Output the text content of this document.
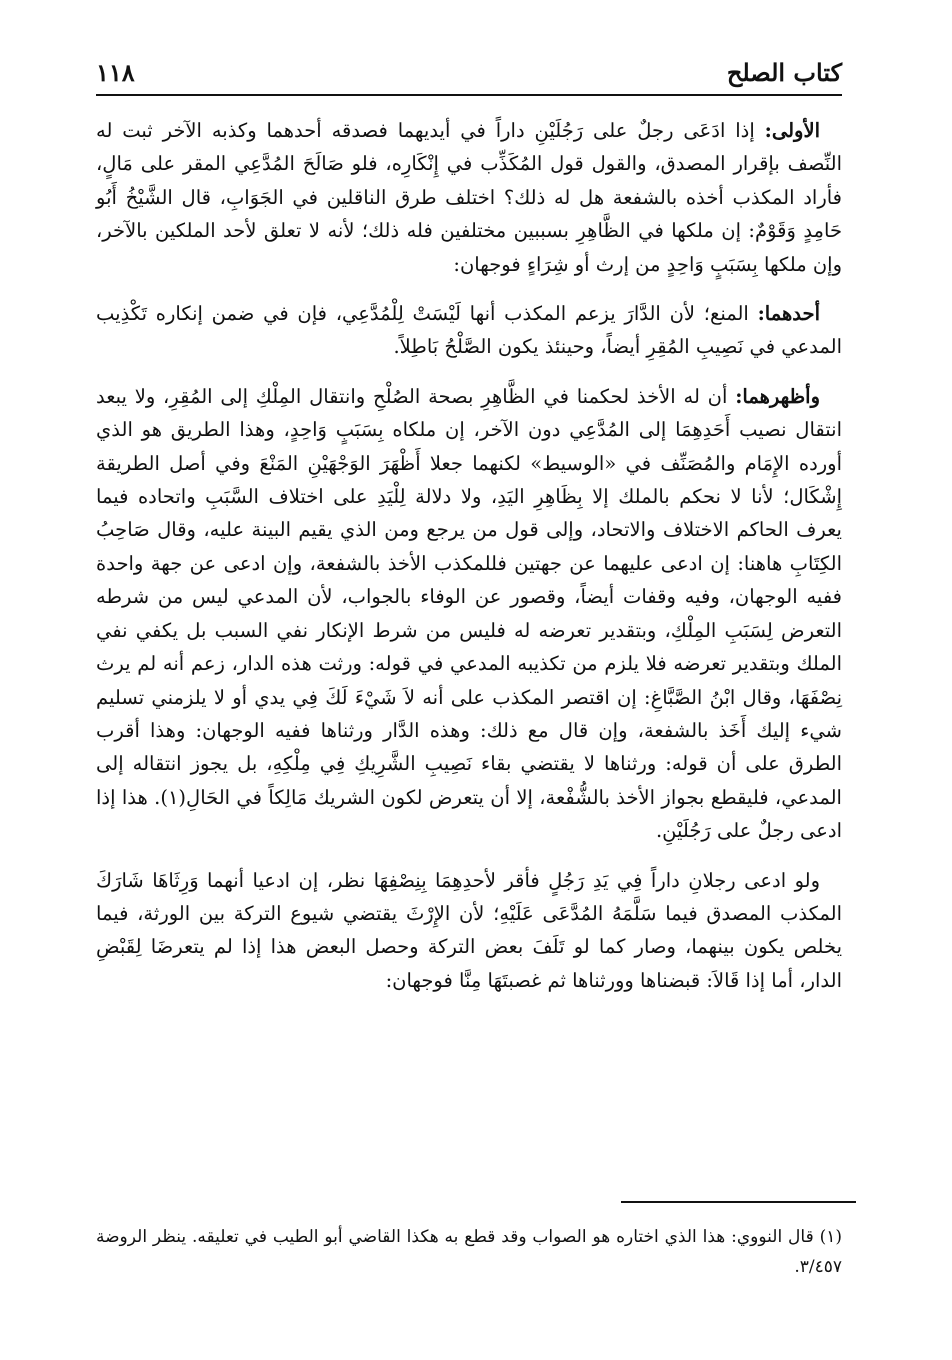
١١٨	كتاب الصلح

الأولى: إذا ادَعَى رجلٌ على رَجُلَيْنِ داراً في أيديهما فصدقه أحدهما وكذبه الآخر ثبت له النِّصف بإقرار المصدق، والقول قول المُكَذِّب في إِنْكَارِه، فلو صَالَحَ المُدَّعِي المقر على مَالٍ، فأراد المكذب أخذه بالشفعة هل له ذلك؟ اختلف طرق الناقلين في الجَوَابِ، قال الشَّيْخُ أَبُو حَامِدٍ وَقَوْمٌ: إن ملكها في الظَّاهِرِ بسببين مختلفين فله ذلك؛ لأنه لا تعلق لأحد الملكين بالآخر، وإن ملكها بِسَبَبٍ وَاحِدٍ من إرث أو شِرَاءٍ فوجهان:

أحدهما: المنع؛ لأن الدَّارَ يزعم المكذب أنها لَيْسَتْ لِلْمُدَّعِي، فإن في ضمن إنكاره تَكْذِيب المدعي في نَصِيبِ المُقِرِ أيضاً، وحينئذ يكون الصَّلْحُ بَاطِلاً.

وأظهرهما: أن له الأخذ لحكمنا في الظَّاهِرِ بصحة الصُلْحِ وانتقال المِلْكِ إلى المُقِرِ، ولا يبعد انتقال نصيب أَحَدِهِمَا إلى المُدَّعِي دون الآخر، إن ملكاه بِسَبَبٍ وَاحِدٍ، وهذا الطريق هو الذي أورده الإِمَام والمُصَنِّف في «الوسيط» لكنهما جعلا أَظْهَرَ الوَجْهَيْنِ المَنْعَ وفي أصل الطريقة إِشْكَال؛ لأنا لا نحكم بالملك إلا بِظَاهِرِ اليَدِ، ولا دلالة لِلْيَدِ على اختلاف السَّبَبِ واتحاده فيما يعرف الحاكم الاختلاف والاتحاد، وإلى قول من يرجع ومن الذي يقيم البينة عليه، وقال صَاحِبُ الكِتَابِ هاهنا: إن ادعى عليهما عن جهتين فللمكذب الأخذ بالشفعة، وإن ادعى عن جهة واحدة ففيه الوجهان، وفيه وقفات أيضاً، وقصور عن الوفاء بالجواب، لأن المدعي ليس من شرطه التعرض لِسَبَبِ المِلْكِ، وبتقدير تعرضه له فليس من شرط الإنكار نفي السبب بل يكفي نفي الملك وبتقدير تعرضه فلا يلزم من تكذيبه المدعي في قوله: ورثت هذه الدار، زعم أنه لم يرث نِصْفَهَا، وقال ابْنُ الصَّبَّاغِ: إن اقتصر المكذب على أنه لاَ شَيْءَ لَكَ فِي يدي أو لا يلزمني تسليم شيء إليك أَخَذ بالشفعة، وإن قال مع ذلك: وهذه الدَّار ورثناها ففيه الوجهان: وهذا أقرب الطرق على أن قوله: ورثناها لا يقتضي بقاء نَصِيبِ الشَّرِيكِ فِي مِلْكِهِ، بل يجوز انتقاله إلى المدعي، فليقطع بجواز الأخذ بالشُّفْعة، إلا أن يتعرض لكون الشريك مَالِكاً في الحَالِ(١). هذا إذا ادعى رجلٌ على رَجُلَيْنِ.

ولو ادعى رجلانِ داراً فِي يَدِ رَجُلٍ فأقر لأحدِهِمَا بِنِصْفِهَا نظر، إن ادعيا أنهما وَرِثَاهَا شَارَكَ المكذب المصدق فيما سَلَّمَهُ المُدَّعَى عَلَيْهِ؛ لأن الإِرْثَ يقتضي شيوع التركة بين الورثة، فيما يخلص يكون بينهما، وصار كما لو تَلَفَ بعض التركة وحصل البعض هذا إذا لم يتعرضَا لِقَبْضِ الدار، أما إذا قَالاَ: قبضناها وورثناها ثم غصبتَهَا مِنَّا فوجهان:

(١) قال النووي: هذا الذي اختاره هو الصواب وقد قطع به هكذا القاضي أبو الطيب في تعليقه. ينظر الروضة ٣/٤٥٧.
